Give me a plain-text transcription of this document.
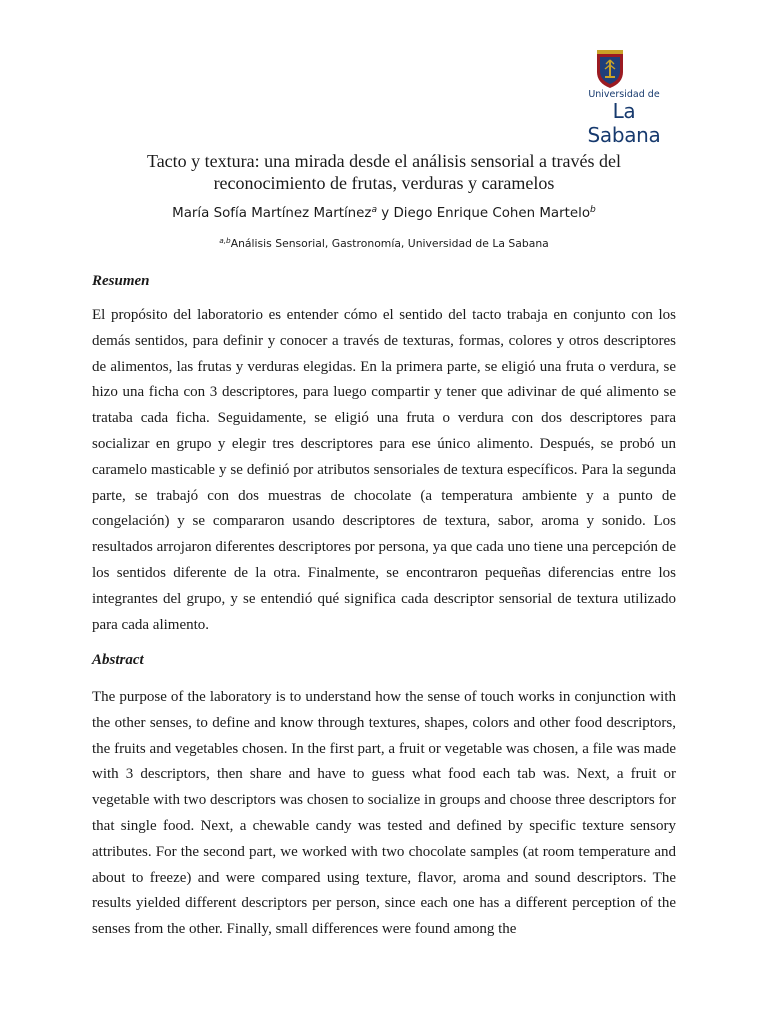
Universidad de
La Sabana
Tacto y textura: una mirada desde el análisis sensorial a través del
reconocimiento de frutas, verduras y caramelos
María Sofía Martínez Martínez$^a$ y Diego Enrique Cohen Martelo$^b$
$^{a,b}$Análisis Sensorial, Gastronomía, Universidad de La Sabana
Resumen

El propósito del laboratorio es entender cómo el sentido del tacto trabaja en conjunto con los demás sentidos, para definir y conocer a través de texturas, formas, colores y otros descriptores de alimentos, las frutas y verduras elegidas. En la primera parte, se eligió una fruta o verdura, se hizo una ficha con 3 descriptores, para luego compartir y tener que adivinar de qué alimento se trataba cada ficha. Seguidamente, se eligió una fruta o verdura con dos descriptores para socializar en grupo y elegir tres descriptores para ese único alimento. Después, se probó un caramelo masticable y se definió por atributos sensoriales de textura específicos. Para la segunda parte, se trabajó con dos muestras de chocolate (a temperatura ambiente y a punto de congelación) y se compararon usando descriptores de textura, sabor, aroma y sonido. Los resultados arrojaron diferentes descriptores por persona, ya que cada uno tiene una percepción de los sentidos diferente de la otra. Finalmente, se encontraron pequeñas diferencias entre los integrantes del grupo, y se entendió qué significa cada descriptor sensorial de textura utilizado para cada alimento.

Abstract

The purpose of the laboratory is to understand how the sense of touch works in conjunction with the other senses, to define and know through textures, shapes, colors and other food descriptors, the fruits and vegetables chosen. In the first part, a fruit or vegetable was chosen, a file was made with 3 descriptors, then share and have to guess what food each tab was. Next, a fruit or vegetable with two descriptors was chosen to socialize in groups and choose three descriptors for that single food. Next, a chewable candy was tested and defined by specific texture sensory attributes. For the second part, we worked with two chocolate samples (at room temperature and about to freeze) and were compared using texture, flavor, aroma and sound descriptors. The results yielded different descriptors per person, since each one has a different perception of the senses from the other. Finally, small differences were found among the
